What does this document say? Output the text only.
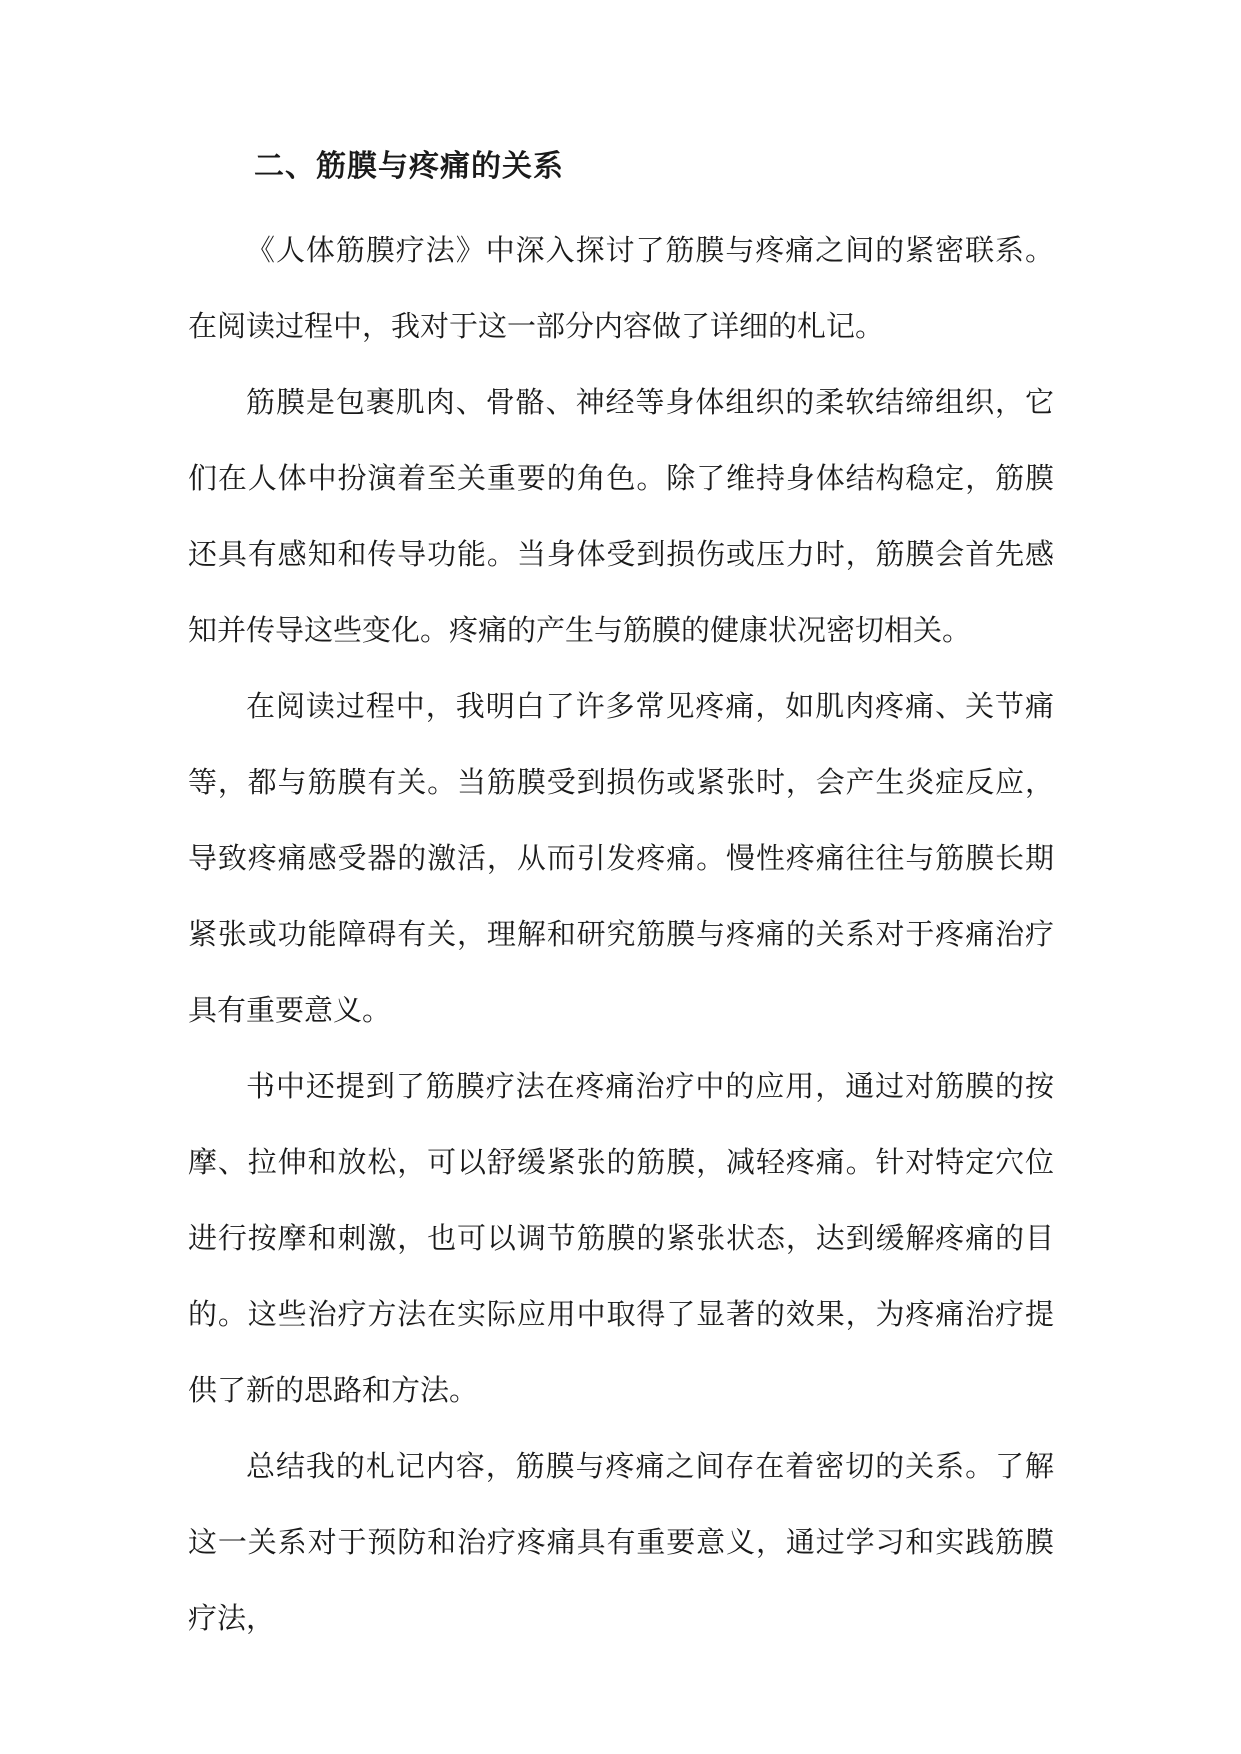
二、筋膜与疼痛的关系

《人体筋膜疗法》中深入探讨了筋膜与疼痛之间的紧密联系。在阅读过程中，我对于这一部分内容做了详细的札记。

筋膜是包裹肌肉、骨骼、神经等身体组织的柔软结缔组织，它们在人体中扮演着至关重要的角色。除了维持身体结构稳定，筋膜还具有感知和传导功能。当身体受到损伤或压力时，筋膜会首先感知并传导这些变化。疼痛的产生与筋膜的健康状况密切相关。

在阅读过程中，我明白了许多常见疼痛，如肌肉疼痛、关节痛等，都与筋膜有关。当筋膜受到损伤或紧张时，会产生炎症反应，导致疼痛感受器的激活，从而引发疼痛。慢性疼痛往往与筋膜长期紧张或功能障碍有关，理解和研究筋膜与疼痛的关系对于疼痛治疗具有重要意义。

书中还提到了筋膜疗法在疼痛治疗中的应用，通过对筋膜的按摩、拉伸和放松，可以舒缓紧张的筋膜，减轻疼痛。针对特定穴位进行按摩和刺激，也可以调节筋膜的紧张状态，达到缓解疼痛的目的。这些治疗方法在实际应用中取得了显著的效果，为疼痛治疗提供了新的思路和方法。

总结我的札记内容，筋膜与疼痛之间存在着密切的关系。了解这一关系对于预防和治疗疼痛具有重要意义，通过学习和实践筋膜疗法，
